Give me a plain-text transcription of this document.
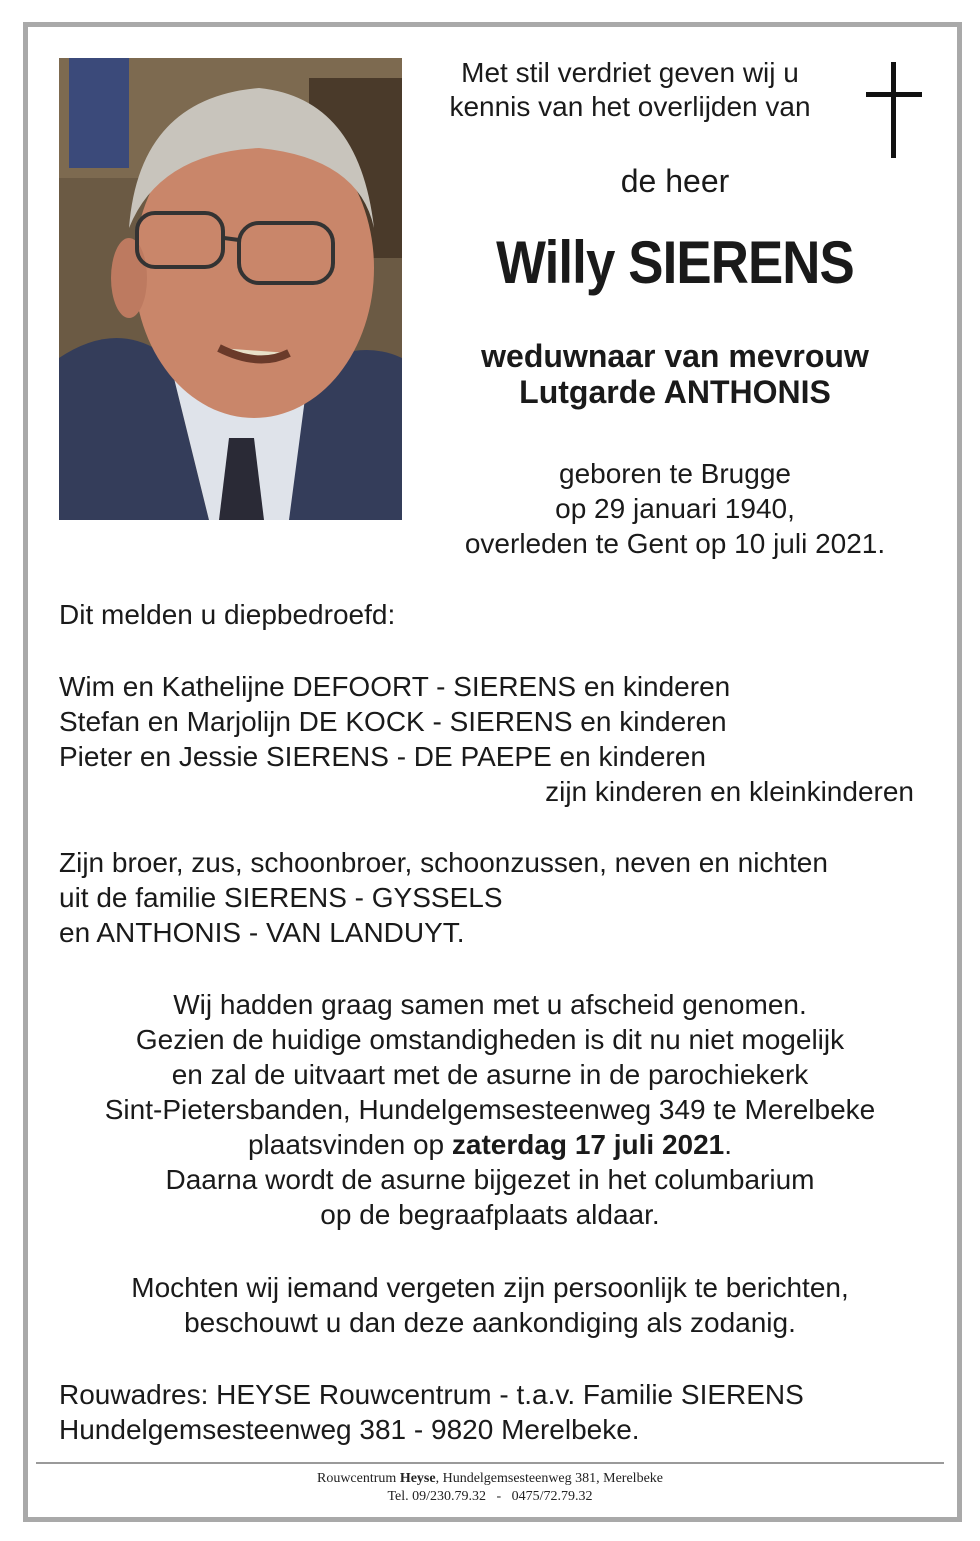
Met stil verdriet geven wij u
kennis van het overlijden van
de heer
Willy SIERENS
weduwnaar van mevrouw
Lutgarde ANTHONIS
geboren te Brugge
op 29 januari 1940,
overleden te Gent op 10 juli 2021.
Dit melden u diepbedroefd:
Wim en Kathelijne DEFOORT - SIERENS en kinderen
Stefan en Marjolijn DE KOCK - SIERENS en kinderen
Pieter en Jessie SIERENS - DE PAEPE en kinderen
zijn kinderen en kleinkinderen
Zijn broer, zus, schoonbroer, schoonzussen, neven en nichten
uit de familie SIERENS - GYSSELS
en ANTHONIS - VAN LANDUYT.
Wij hadden graag samen met u afscheid genomen.
Gezien de huidige omstandigheden is dit nu niet mogelijk
en zal de uitvaart met de asurne in de parochiekerk
Sint-Pietersbanden, Hundelgemsesteenweg 349 te Merelbeke
plaatsvinden op zaterdag 17 juli 2021.
Daarna wordt de asurne bijgezet in het columbarium
op de begraafplaats aldaar.
Mochten wij iemand vergeten zijn persoonlijk te berichten,
beschouwt u dan deze aankondiging als zodanig.
Rouwadres: HEYSE Rouwcentrum - t.a.v. Familie SIERENS
Hundelgemsesteenweg 381 - 9820 Merelbeke.
Rouwcentrum Heyse, Hundelgemsesteenweg 381, Merelbeke
Tel. 09/230.79.32   -   0475/72.79.32
